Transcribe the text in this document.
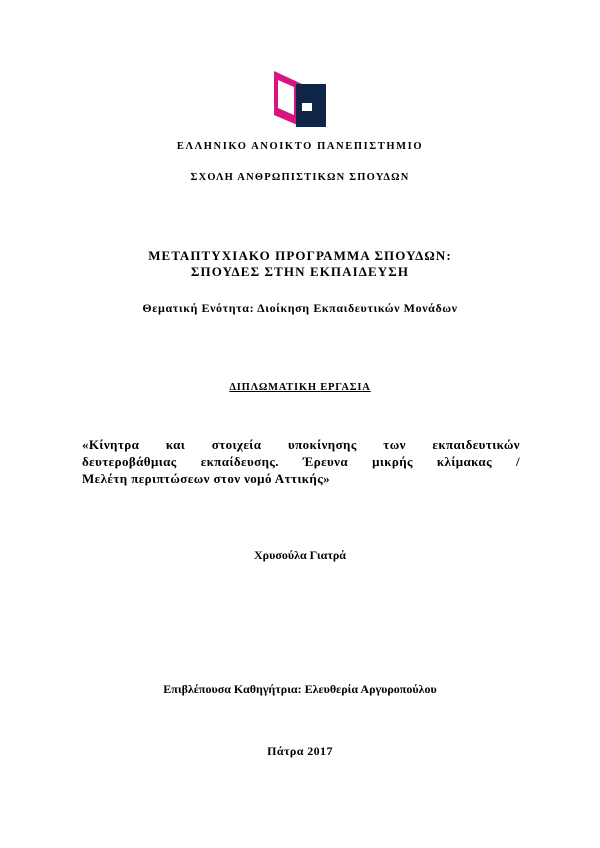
ΕΛΛΗΝΙΚΟ ΑΝΟΙΚΤΟ ΠΑΝΕΠΙΣΤΗΜΙΟ
ΣΧΟΛΗ ΑΝΘΡΩΠΙΣΤΙΚΩΝ ΣΠΟΥΔΩΝ
ΜΕΤΑΠΤΥΧΙΑΚΟ ΠΡΟΓΡΑΜΜΑ ΣΠΟΥΔΩΝ:
ΣΠΟΥΔΕΣ ΣΤΗΝ ΕΚΠΑΙΔΕΥΣΗ
Θεματική Ενότητα: Διοίκηση Εκπαιδευτικών Μονάδων
ΔΙΠΛΩΜΑΤΙΚΗ ΕΡΓΑΣΙΑ
«Κίνητρα και στοιχεία υποκίνησης των εκπαιδευτικών
δευτεροβάθμιας εκπαίδευσης. Έρευνα μικρής κλίμακας /
Μελέτη περιπτώσεων στον νομό Αττικής»
Χρυσούλα Γιατρά
Επιβλέπουσα Καθηγήτρια: Ελευθερία Αργυροπούλου
Πάτρα 2017
